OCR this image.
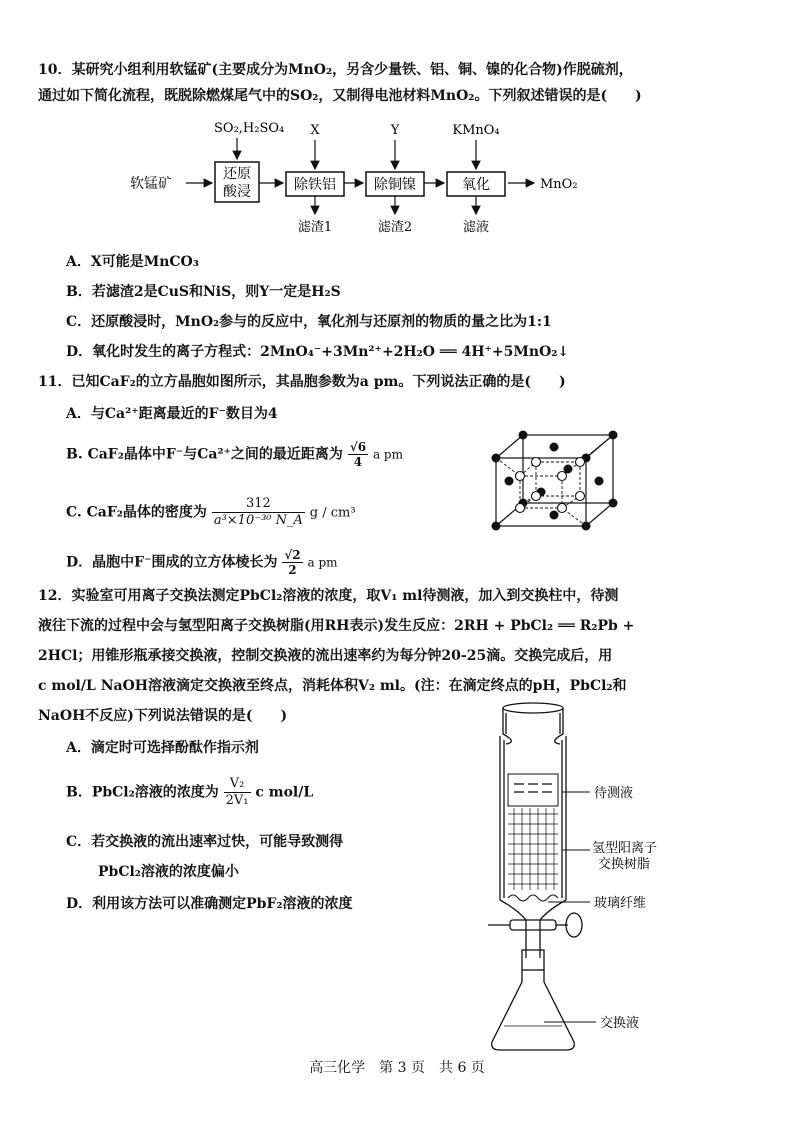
10．某研究小组利用软锰矿(主要成分为MnO₂，另含少量铁、铝、铜、镍的化合物)作脱硫剂，
通过如下简化流程，既脱除燃煤尾气中的SO₂，又制得电池材料MnO₂。下列叙述错误的是(　　)
软锰矿
还原
酸浸	除铁铝	除铜镍	氧化	MnO₂
SO₂,H₂SO₄ X	Y	KMnO₄
滤渣1	滤渣2	滤液
A．X可能是MnCO₃
B．若滤渣2是CuS和NiS，则Y一定是H₂S
C．还原酸浸时，MnO₂参与的反应中，氧化剂与还原剂的物质的量之比为1:1
D．氧化时发生的离子方程式：2MnO₄⁻+3Mn²⁺+2H₂O ══ 4H⁺+5MnO₂↓
11．已知CaF₂的立方晶胞如图所示，其晶胞参数为a pm。下列说法正确的是(　　)
A．与Ca²⁺距离最近的F⁻数目为4
B. CaF₂晶体中F⁻与Ca²⁺之间的最近距离为 $\frac{√6}{4}$ a pm
C. CaF₂晶体的密度为 $\frac{312}{\text{a³×10⁻³⁰ N\_A}}$ g / cm³
D．晶胞中F⁻围成的立方体棱长为 $\frac{√2}{2}$ a pm
12．实验室可用离子交换法测定PbCl₂溶液的浓度，取V₁ ml待测液，加入到交换柱中，待测
液往下流的过程中会与氢型阳离子交换树脂(用RH表示)发生反应：2RH + PbCl₂ ══ R₂Pb +
2HCl；用锥形瓶承接交换液，控制交换液的流出速率约为每分钟20-25滴。交换完成后，用
c mol/L NaOH溶液滴定交换液至终点，消耗体积V₂ ml。(注：在滴定终点的pH，PbCl₂和
NaOH不反应)下列说法错误的是(　　)
A．滴定时可选择酚酞作指示剂
B．PbCl₂溶液的浓度为 $\frac{\text{V₂}}{\text{2V₁}}$ c mol/L
C．若交换液的流出速率过快，可能导致测得
PbCl₂溶液的浓度偏小
D．利用该方法可以准确测定PbF₂溶液的浓度
待测液
氢型阳离子
交换树脂
玻璃纤维
交换液
高三化学　第 3 页　共 6 页
